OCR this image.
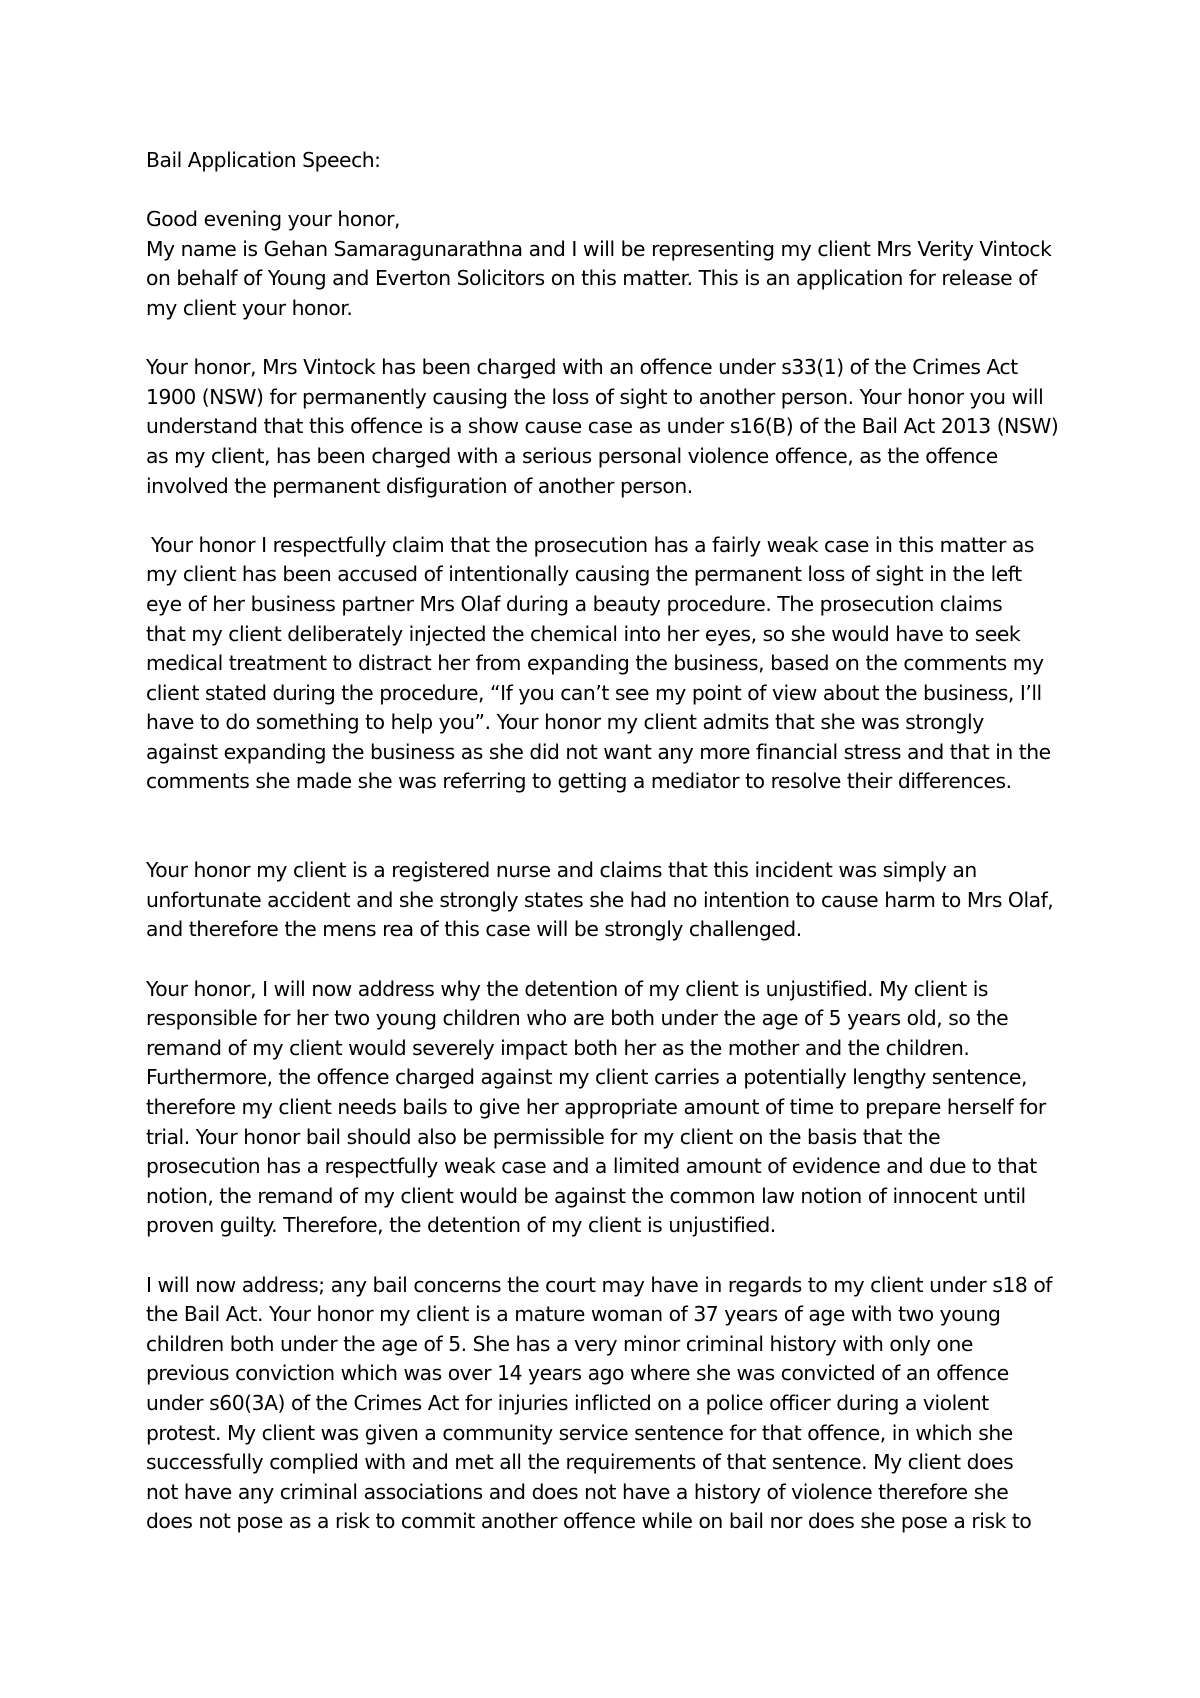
Bail Application Speech:
Good evening your honor,
My name is Gehan Samaragunarathna and I will be representing my client Mrs Verity Vintock
on behalf of Young and Everton Solicitors on this matter. This is an application for release of
my client your honor.
Your honor, Mrs Vintock has been charged with an offence under s33(1) of the Crimes Act
1900 (NSW) for permanently causing the loss of sight to another person. Your honor you will
understand that this offence is a show cause case as under s16(B) of the Bail Act 2013 (NSW)
as my client, has been charged with a serious personal violence offence, as the offence
involved the permanent disfiguration of another person.
Your honor I respectfully claim that the prosecution has a fairly weak case in this matter as
my client has been accused of intentionally causing the permanent loss of sight in the left
eye of her business partner Mrs Olaf during a beauty procedure. The prosecution claims
that my client deliberately injected the chemical into her eyes, so she would have to seek
medical treatment to distract her from expanding the business, based on the comments my
client stated during the procedure, “If you can’t see my point of view about the business, I’ll
have to do something to help you”. Your honor my client admits that she was strongly
against expanding the business as she did not want any more financial stress and that in the
comments she made she was referring to getting a mediator to resolve their differences.
Your honor my client is a registered nurse and claims that this incident was simply an
unfortunate accident and she strongly states she had no intention to cause harm to Mrs Olaf,
and therefore the mens rea of this case will be strongly challenged.
Your honor, I will now address why the detention of my client is unjustified. My client is
responsible for her two young children who are both under the age of 5 years old, so the
remand of my client would severely impact both her as the mother and the children.
Furthermore, the offence charged against my client carries a potentially lengthy sentence,
therefore my client needs bails to give her appropriate amount of time to prepare herself for
trial. Your honor bail should also be permissible for my client on the basis that the
prosecution has a respectfully weak case and a limited amount of evidence and due to that
notion, the remand of my client would be against the common law notion of innocent until
proven guilty. Therefore, the detention of my client is unjustified.
I will now address; any bail concerns the court may have in regards to my client under s18 of
the Bail Act. Your honor my client is a mature woman of 37 years of age with two young
children both under the age of 5. She has a very minor criminal history with only one
previous conviction which was over 14 years ago where she was convicted of an offence
under s60(3A) of the Crimes Act for injuries inflicted on a police officer during a violent
protest. My client was given a community service sentence for that offence, in which she
successfully complied with and met all the requirements of that sentence. My client does
not have any criminal associations and does not have a history of violence therefore she
does not pose as a risk to commit another offence while on bail nor does she pose a risk to
